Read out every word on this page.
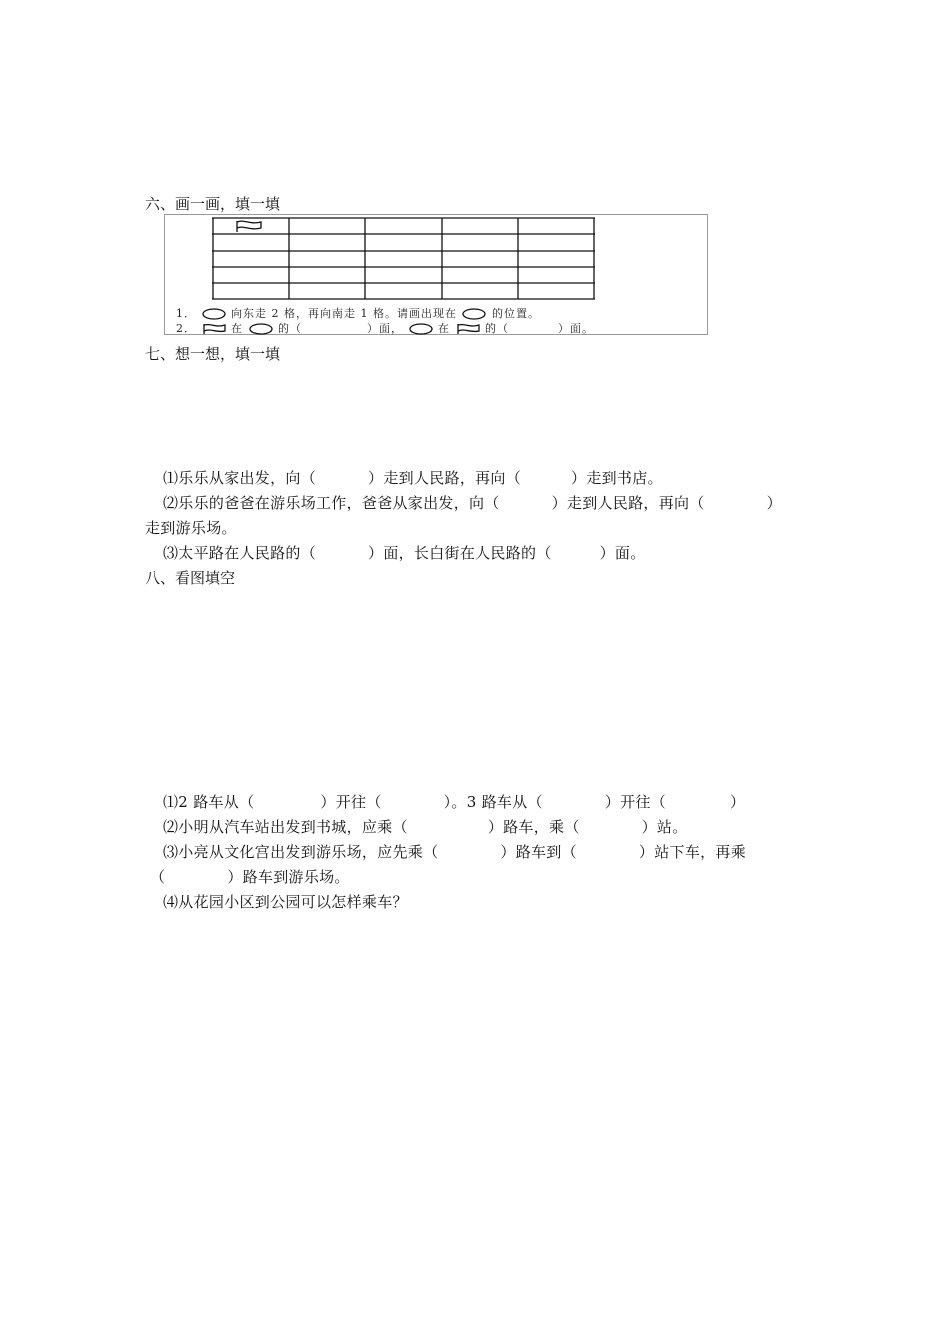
六、画一画，填一填
1．	向东走 2 格，再向南走 1 格。请画出现在	的位置。
2．	在	的（	）面，	在	的（	）面。
七、想一想，填一填
⑴乐乐从家出发，向（	）走到人民路，再向（	）走到书店。
⑵乐乐的爸爸在游乐场工作，爸爸从家出发，向（	）走到人民路，再向（	）
走到游乐场。
⑶太平路在人民路的（	）面，长白街在人民路的（	）面。
八、看图填空
⑴2 路车从（	）开往（	）。3 路车从（	）开往（	）
⑵小明从汽车站出发到书城，应乘（	）路车，乘（	）站。
⑶小亮从文化宫出发到游乐场，应先乘（	）路车到（	）站下车，再乘
（	）路车到游乐场。
⑷从花园小区到公园可以怎样乘车？
